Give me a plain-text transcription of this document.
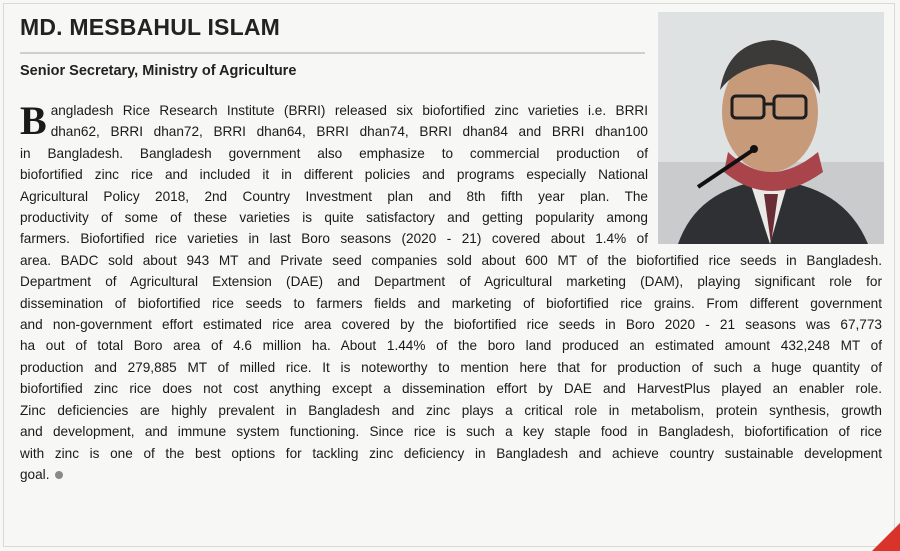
MD. MESBAHUL ISLAM
Senior Secretary, Ministry of Agriculture
B angladesh Rice Research Institute (BRRI) released six biofortified zinc varieties i.e. BRRI
dhan62, BRRI dhan72, BRRI dhan64, BRRI dhan74, BRRI dhan84 and BRRI dhan100
in Bangladesh. Bangladesh government also emphasize to commercial production of
biofortified zinc rice and included it in different policies and programs especially National
Agricultural Policy 2018, 2nd Country Investment plan and 8th fifth year plan. The
productivity of some of these varieties is quite satisfactory and getting popularity among
farmers. Biofortified rice varieties in last Boro seasons (2020 - 21) covered about 1.4% of
area. BADC sold about 943 MT and Private seed companies sold about 600 MT of the biofortified rice seeds in Bangladesh.
Department of Agricultural Extension (DAE) and Department of Agricultural marketing (DAM), playing significant role for
dissemination of biofortified rice seeds to farmers fields and marketing of biofortified rice grains. From different government
and non-government effort estimated rice area covered by the biofortified rice seeds in Boro 2020 - 21 seasons was 67,773
ha out of total Boro area of 4.6 million ha. About 1.44% of the boro land produced an estimated amount 432,248 MT of
production and 279,885 MT of milled rice. It is noteworthy to mention here that for production of such a huge quantity of
biofortified zinc rice does not cost anything except a dissemination effort by DAE and HarvestPlus played an enabler role.
Zinc deficiencies are highly prevalent in Bangladesh and zinc plays a critical role in metabolism, protein synthesis, growth
and development, and immune system functioning. Since rice is such a key staple food in Bangladesh, biofortification of rice
with zinc is one of the best options for tackling zinc deficiency in Bangladesh and achieve country sustainable development
goal.
